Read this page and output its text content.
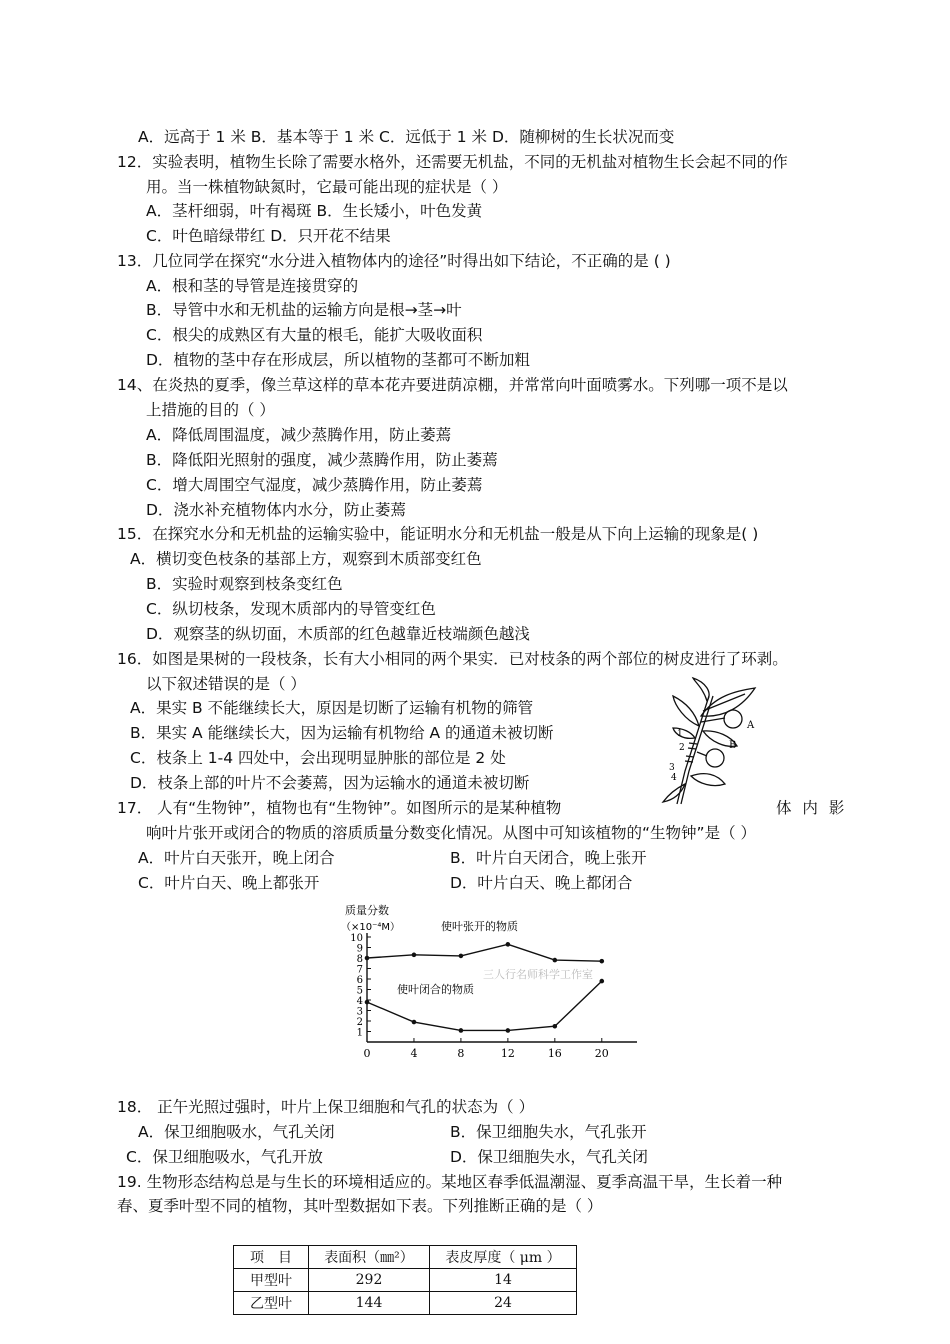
A．远高于 1 米 B．基本等于 1 米 C．远低于 1 米 D．随柳树的生长状况而变
12．实验表明，植物生长除了需要水格外，还需要无机盐，不同的无机盐对植物生长会起不同的作
用。当一株植物缺氮时，它最可能出现的症状是（ ）
A．茎杆细弱，叶有褐斑 B．生长矮小，叶色发黄
C．叶色暗绿带红 D．只开花不结果
13．几位同学在探究“水分进入植物体内的途径”时得出如下结论，不正确的是 ( )
A．根和茎的导管是连接贯穿的
B．导管中水和无机盐的运输方向是根→茎→叶
C．根尖的成熟区有大量的根毛，能扩大吸收面积
D．植物的茎中存在形成层，所以植物的茎都可不断加粗
14、在炎热的夏季，像兰草这样的草本花卉要进荫凉棚，并常常向叶面喷雾水。下列哪一项不是以
上措施的目的（ ）
A．降低周围温度，减少蒸腾作用，防止萎蔫
B．降低阳光照射的强度，减少蒸腾作用，防止萎蔫
C．增大周围空气湿度，减少蒸腾作用，防止萎蔫
D．浇水补充植物体内水分，防止萎蔫
15．在探究水分和无机盐的运输实验中，能证明水分和无机盐一般是从下向上运输的现象是( )
A．横切变色枝条的基部上方，观察到木质部变红色
B．实验时观察到枝条变红色
C．纵切枝条，发现木质部内的导管变红色
D．观察茎的纵切面，木质部的红色越靠近枝端颜色越浅
16．如图是果树的一段枝条，长有大小相同的两个果实．已对枝条的两个部位的树皮进行了环剥。
以下叙述错误的是（ ）
A．果实 B 不能继续长大，原因是切断了运输有机物的筛管
B．果实 A 能继续长大，因为运输有机物给 A 的通道未被切断
C．枝条上 1-4 四处中，会出现明显肿胀的部位是 2 处
D．枝条上部的叶片不会萎蔫，因为运输水的通道未被切断
A
B
1
2
3
4
17． 人有“生物钟”，植物也有“生物钟”。如图所示的是某种植物	体 内 影
响叶片张开或闭合的物质的溶质质量分数变化情况。从图中可知该植物的“生物钟”是（ ）
A．叶片白天张开，晚上闭合	B．叶片白天闭合，晚上张开
C．叶片白天、晚上都张开	D．叶片白天、晚上都闭合
质量分数
（×10⁻⁴M）
三人行名师科学工作室
1
2
3
4
5
6
7
8
9
10
0	4	8	12	16	20
使叶张开的物质
使叶闭合的物质
18． 正午光照过强时，叶片上保卫细胞和气孔的状态为（ ）
A．保卫细胞吸水，气孔关闭	B．保卫细胞失水，气孔张开
C．保卫细胞吸水，气孔开放	D．保卫细胞失水，气孔关闭
19. 生物形态结构总是与生长的环境相适应的。某地区春季低温潮湿、夏季高温干旱，生长着一种
春、夏季叶型不同的植物，其叶型数据如下表。下列推断正确的是（ ）
项　目	表面积（㎜²）	表皮厚度（ μm ）
甲型叶	292	14
乙型叶	144	24
